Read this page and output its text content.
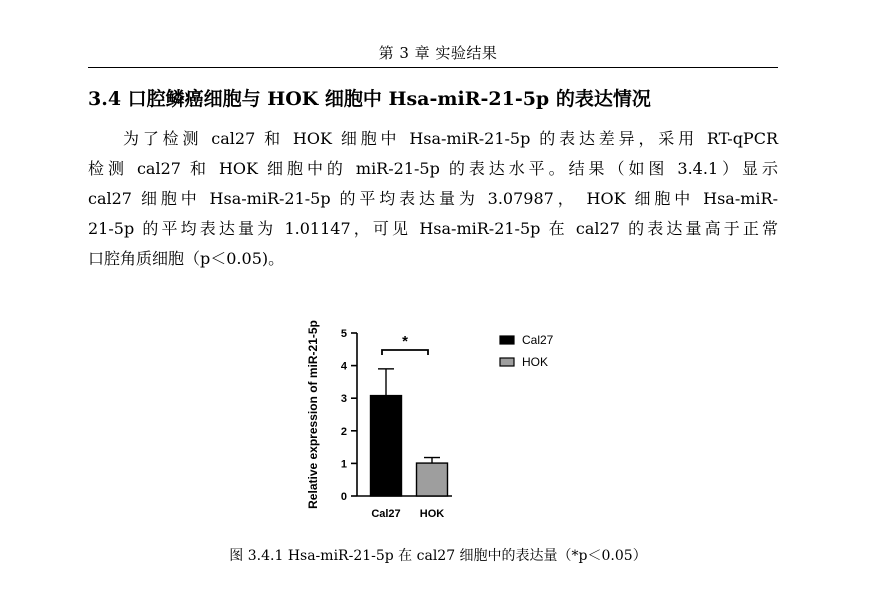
第 3 章 实验结果
3.4 口腔鳞癌细胞与 HOK 细胞中 Hsa-miR-21-5p 的表达情况
为了检测 cal27 和 HOK 细胞中 Hsa-miR-21-5p 的表达差异，采用 RT-qPCR
检测 cal27 和 HOK 细胞中的 miR-21-5p 的表达水平。结果（如图 3.4.1）显示
cal27 细胞中 Hsa-miR-21-5p 的平均表达量为 3.07987， HOK 细胞中 Hsa-miR-
21-5p 的平均表达量为 1.01147，可见 Hsa-miR-21-5p 在 cal27 的表达量高于正常
口腔角质细胞（p＜0.05)。
0
1
2
3
4
5
Relative expression of miR-21-5p
Cal27 HOK
*	Cal27
HOK
图 3.4.1 Hsa-miR-21-5p 在 cal27 细胞中的表达量（*p＜0.05）
